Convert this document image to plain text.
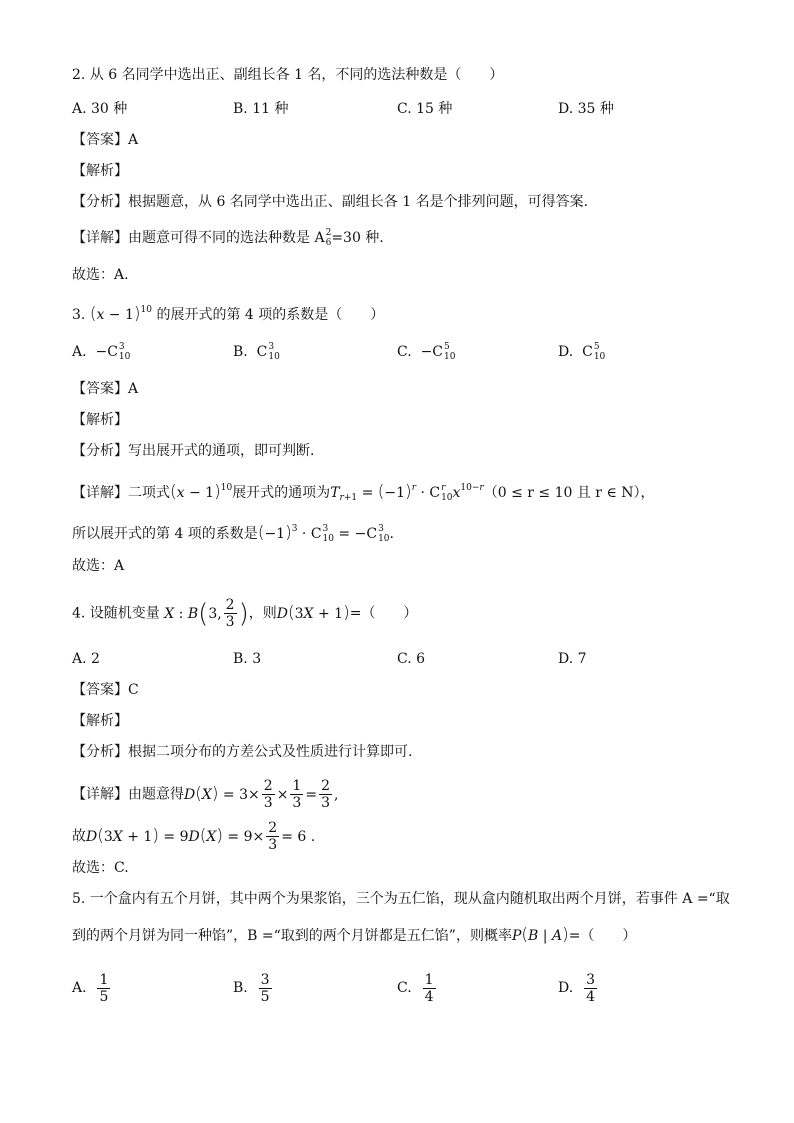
2. 从 6 名同学中选出正、副组长各 1 名，不同的选法种数是（　　）
A. 30 种	B. 11 种	C. 15 种	D. 35 种
【答案】A
【解析】
【分析】根据题意，从 6 名同学中选出正、副组长各 1 名是个排列问题，可得答案.
【详解】由题意可得不同的选法种数是 A 2
6 =30 种.
故选：A.
3. $(x - 1)^{10}$ 的展开式的第 4 项的系数是（　　）
A. −C 3
10	B. C 3
10	C. −C 5
10	D. C 5
10
【答案】A
【解析】
【分析】写出展开式的通项，即可判断.
【详解】二项式$(x - 1)^{10}$展开式的通项为$T_{r+1} = (-1)^r \cdot C$ r
10 $x^{10-r}(0 \le r \le 10$ 且 r ∈ N），
所以展开式的第 4 项的系数是$(-1)^3 \cdot C$ 3
10 = −C 3
10 .
故选：A
4. 设随机变量 X : B(3, $\frac{2}{3}$ )，则D(3X + 1)=（　　）
A. 2	B. 3	C. 6	D. 7
【答案】C
【解析】
【分析】根据二项分布的方差公式及性质进行计算即可.
【详解】由题意得$D(X) = 3\times \frac{2}{3} \times \frac{1}{3} = \frac{2}{3}$ ,
故$D(3X + 1) = 9D(X) = 9\times \frac{2}{3} = 6$ .
故选：C.
5. 一个盒内有五个月饼，其中两个为果浆馅，三个为五仁馅，现从盒内随机取出两个月饼，若事件 A =“取
到的两个月饼为同一种馅”，B =“取到的两个月饼都是五仁馅”，则概率P(B | A)=（　　）
A.
$\frac{1}{5}$	B.
$\frac{3}{5}$	C.
$\frac{1}{4}$	D.
$\frac{3}{4}$
